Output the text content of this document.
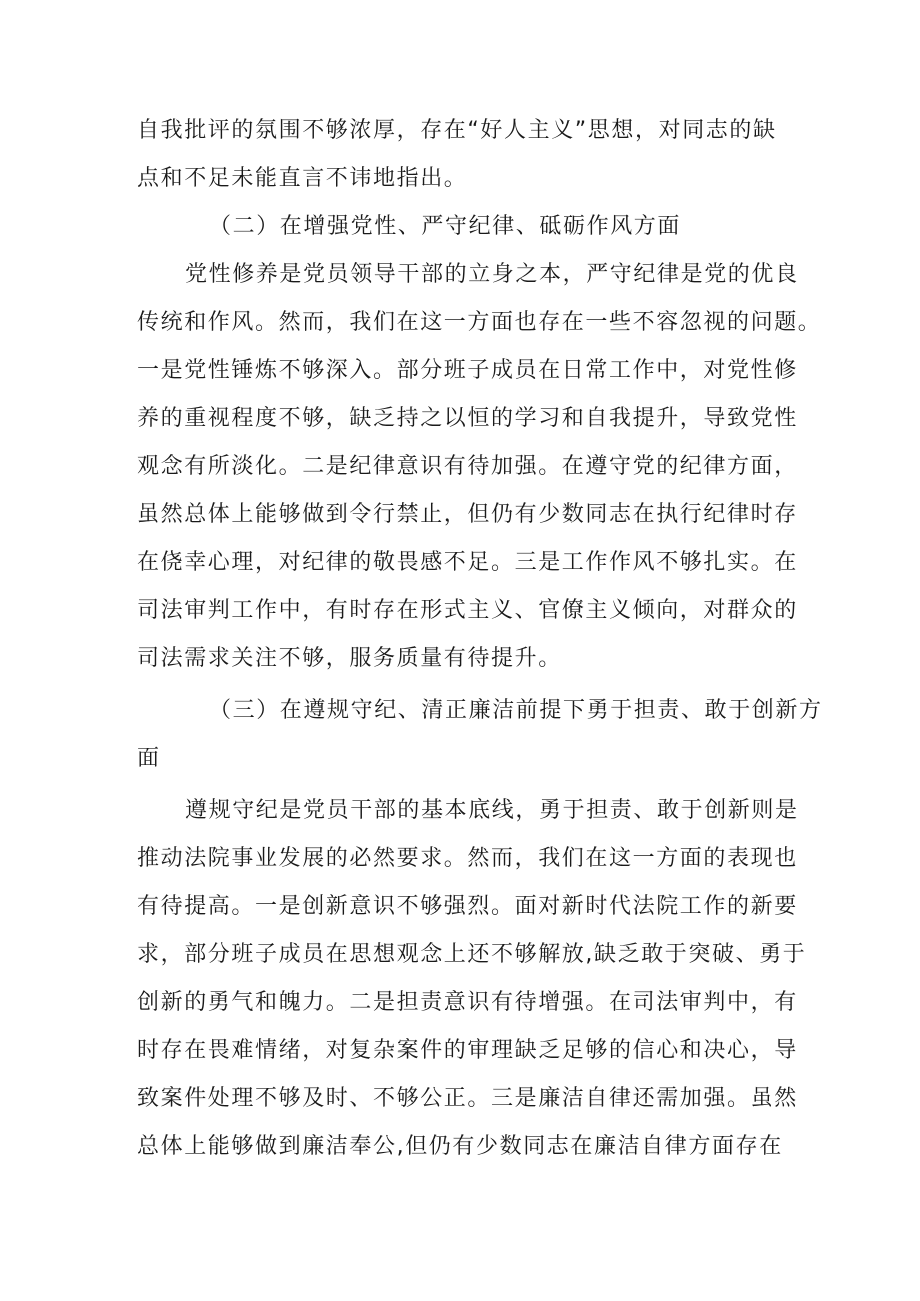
自我批评的氛围不够浓厚，存在“好人主义”思想，对同志的缺
点和不足未能直言不讳地指出。
（二）在增强党性、严守纪律、砥砺作风方面
党性修养是党员领导干部的立身之本，严守纪律是党的优良
传统和作风。然而，我们在这一方面也存在一些不容忽视的问题。
一是党性锤炼不够深入。部分班子成员在日常工作中，对党性修
养的重视程度不够，缺乏持之以恒的学习和自我提升，导致党性
观念有所淡化。二是纪律意识有待加强。在遵守党的纪律方面，
虽然总体上能够做到令行禁止，但仍有少数同志在执行纪律时存
在侥幸心理，对纪律的敬畏感不足。三是工作作风不够扎实。在
司法审判工作中，有时存在形式主义、官僚主义倾向，对群众的
司法需求关注不够，服务质量有待提升。
（三）在遵规守纪、清正廉洁前提下勇于担责、敢于创新方
面
遵规守纪是党员干部的基本底线，勇于担责、敢于创新则是
推动法院事业发展的必然要求。然而，我们在这一方面的表现也
有待提高。一是创新意识不够强烈。面对新时代法院工作的新要
求，部分班子成员在思想观念上还不够解放,缺乏敢于突破、勇于
创新的勇气和魄力。二是担责意识有待增强。在司法审判中，有
时存在畏难情绪，对复杂案件的审理缺乏足够的信心和决心，导
致案件处理不够及时、不够公正。三是廉洁自律还需加强。虽然
总体上能够做到廉洁奉公,但仍有少数同志在廉洁自律方面存在
